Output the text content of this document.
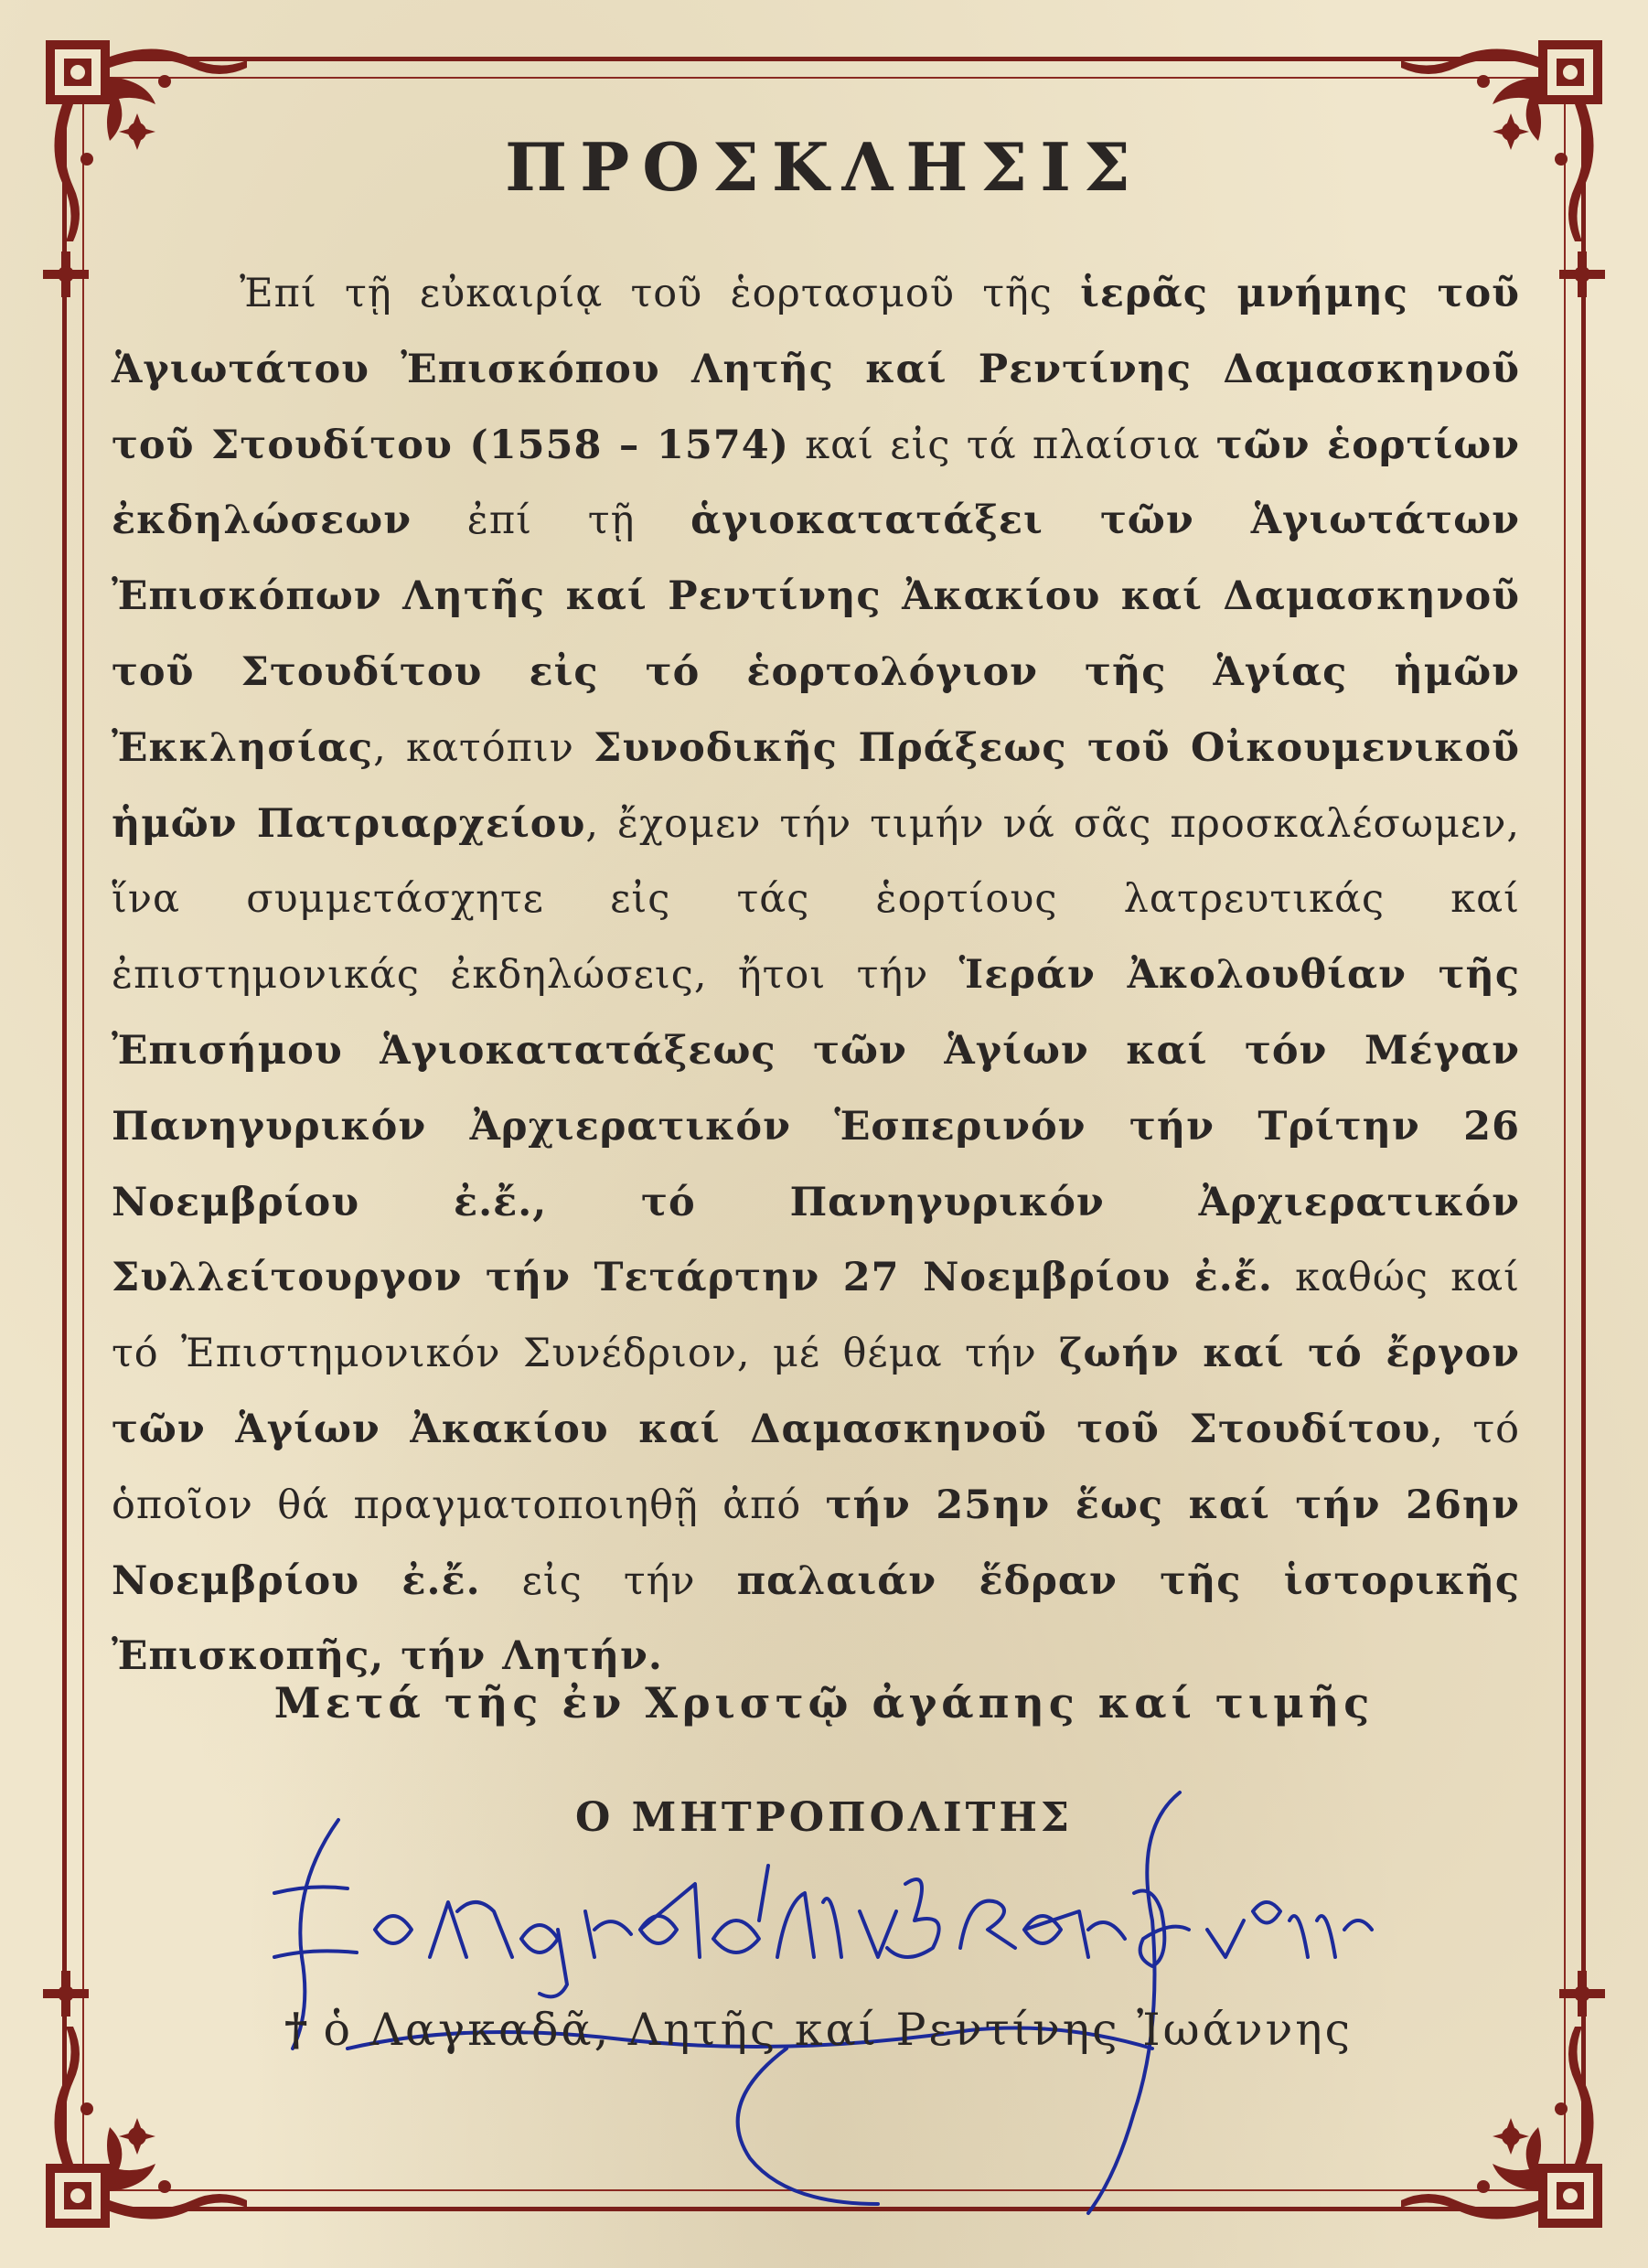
ΠΡΟΣΚΛΗΣΙΣ

Ἐπί τῇ εὐκαιρίᾳ τοῦ ἑορτασμοῦ τῆς ἱερᾶς μνήμης τοῦ Ἁγιωτάτου Ἐπισκόπου Λητῆς καί Ρεντίνης Δαμασκηνοῦ τοῦ Στουδίτου (1558 – 1574) καί εἰς τά πλαίσια τῶν ἑορτίων ἐκδηλώσεων ἐπί τῇ ἁγιοκατατάξει τῶν Ἁγιωτάτων Ἐπισκόπων Λητῆς καί Ρεντίνης Ἀκακίου καί Δαμασκηνοῦ τοῦ Στουδίτου εἰς τό ἑορτολόγιον τῆς Ἁγίας ἡμῶν Ἐκκλησίας, κατόπιν Συνοδικῆς Πράξεως τοῦ Οἰκουμενικοῦ ἡμῶν Πατριαρχείου, ἔχομεν τήν τιμήν νά σᾶς προσκαλέσωμεν, ἵνα συμμετάσχητε εἰς τάς ἑορτίους λατρευτικάς καί ἐπιστημονικάς ἐκδηλώσεις, ἤτοι τήν Ἱεράν Ἀκολουθίαν τῆς Ἐπισήμου Ἁγιοκατατάξεως τῶν Ἁγίων καί τόν Μέγαν Πανηγυρικόν Ἀρχιερατικόν Ἑσπερινόν τήν Τρίτην 26 Νοεμβρίου ἐ.ἔ., τό Πανηγυρικόν Ἀρχιερατικόν Συλλείτουργον τήν Τετάρτην 27 Νοεμβρίου ἐ.ἔ. καθώς καί τό Ἐπιστημονικόν Συνέδριον, μέ θέμα τήν ζωήν καί τό ἔργον τῶν Ἁγίων Ἀκακίου καί Δαμασκηνοῦ τοῦ Στουδίτου, τό ὁποῖον θά πραγματοποιηθῇ ἀπό τήν 25ην ἕως καί τήν 26ην Νοεμβρίου ἐ.ἔ. εἰς τήν παλαιάν ἕδραν τῆς ἱστορικῆς Ἐπισκοπῆς, τήν Λητήν.

Μετά τῆς ἐν Χριστῷ ἀγάπης καί τιμῆς
Ο ΜΗΤΡΟΠΟΛΙΤΗΣ
† ὁ Λαγκαδᾶ, Λητῆς καί Ρεντίνης Ἰωάννης
